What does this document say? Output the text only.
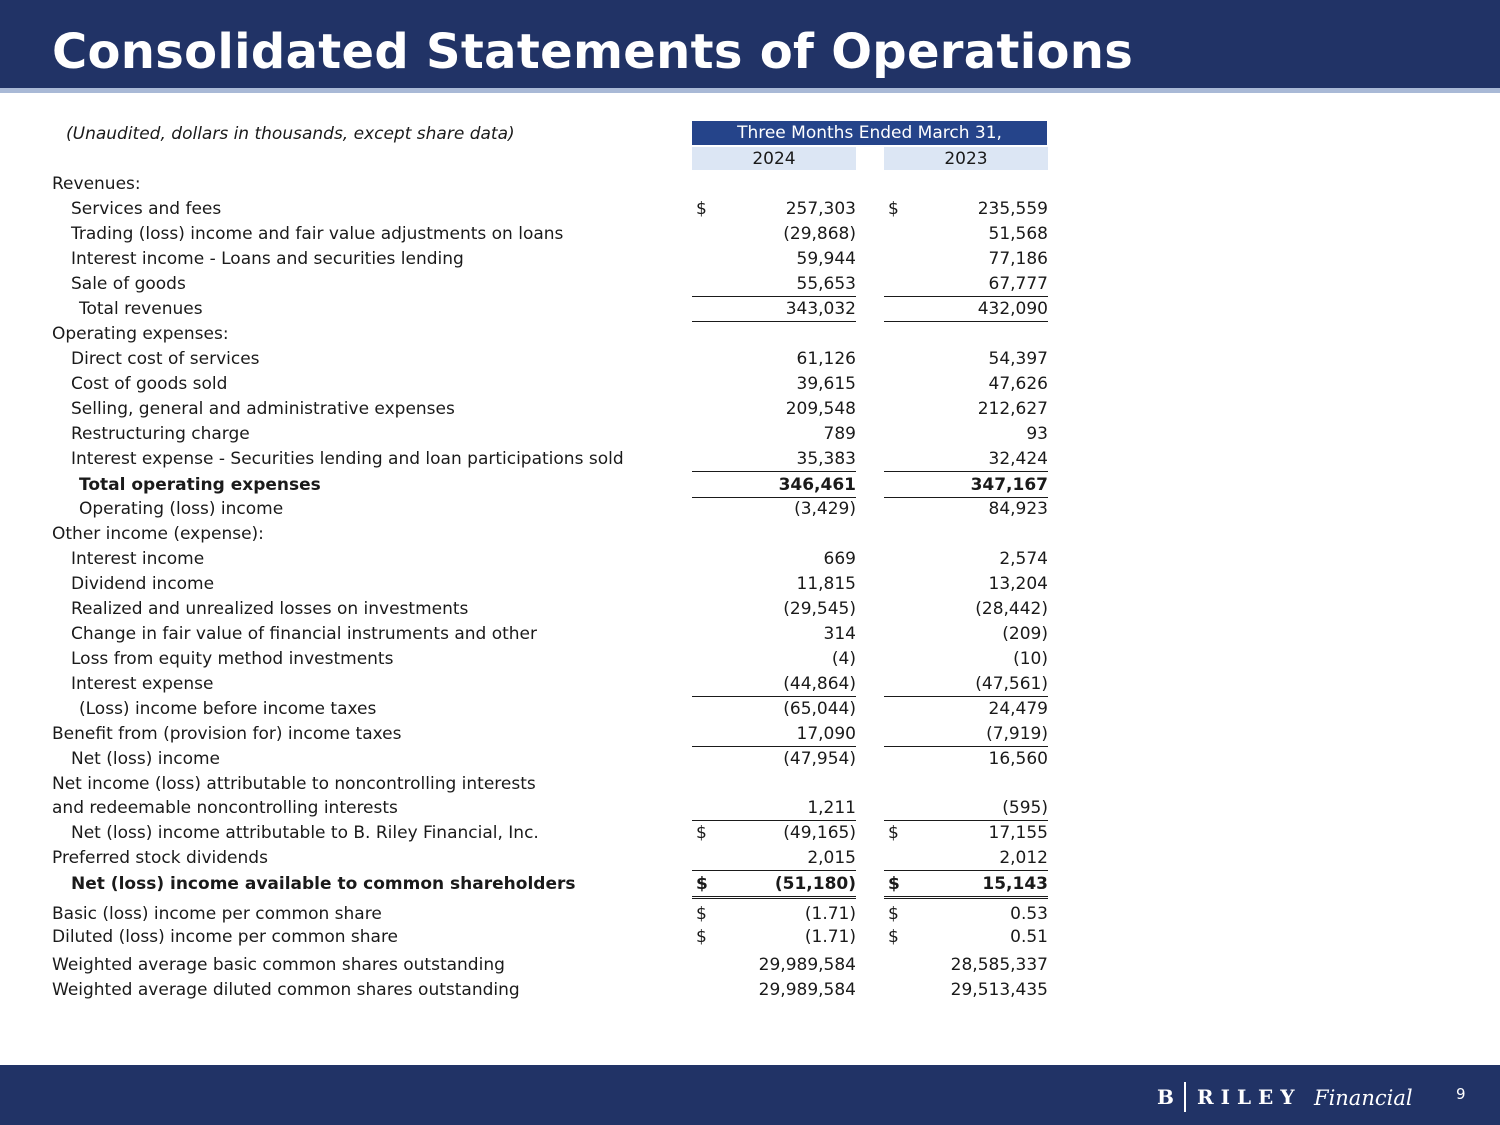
Consolidated Statements of Operations
(Unaudited, dollars in thousands, except share data)	Three Months Ended March 31,
2024	2023
Revenues:
Services and fees	$	257,303 $	235,559
Trading (loss) income and fair value adjustments on loans	(29,868)	51,568
Interest income - Loans and securities lending	59,944	77,186
Sale of goods	55,653	67,777
Total revenues	343,032	432,090
Operating expenses:
Direct cost of services	61,126	54,397
Cost of goods sold	39,615	47,626
Selling, general and administrative expenses	209,548	212,627
Restructuring charge	789	93
Interest expense - Securities lending and loan participations sold	35,383	32,424
Total operating expenses	346,461	347,167
Operating (loss) income	(3,429)	84,923
Other income (expense):
Interest income	669	2,574
Dividend income	11,815	13,204
Realized and unrealized losses on investments	(29,545)	(28,442)
Change in fair value of financial instruments and other	314	(209)
Loss from equity method investments	(4)	(10)
Interest expense	(44,864)	(47,561)
(Loss) income before income taxes	(65,044)	24,479
Benefit from (provision for) income taxes	17,090	(7,919)
Net (loss) income	(47,954)	16,560
Net income (loss) attributable to noncontrolling interests
and redeemable noncontrolling interests	1,211	(595)
Net (loss) income attributable to B. Riley Financial, Inc.	$	(49,165) $	17,155
Preferred stock dividends	2,015	2,012
Net (loss) income available to common shareholders	$	(51,180) $	15,143
Basic (loss) income per common share	$	(1.71) $	0.53
Diluted (loss) income per common share	$	(1.71) $	0.51
Weighted average basic common shares outstanding	29,989,584	28,585,337
Weighted average diluted common shares outstanding	29,989,584	29,513,435
B RILEY Financial	9
